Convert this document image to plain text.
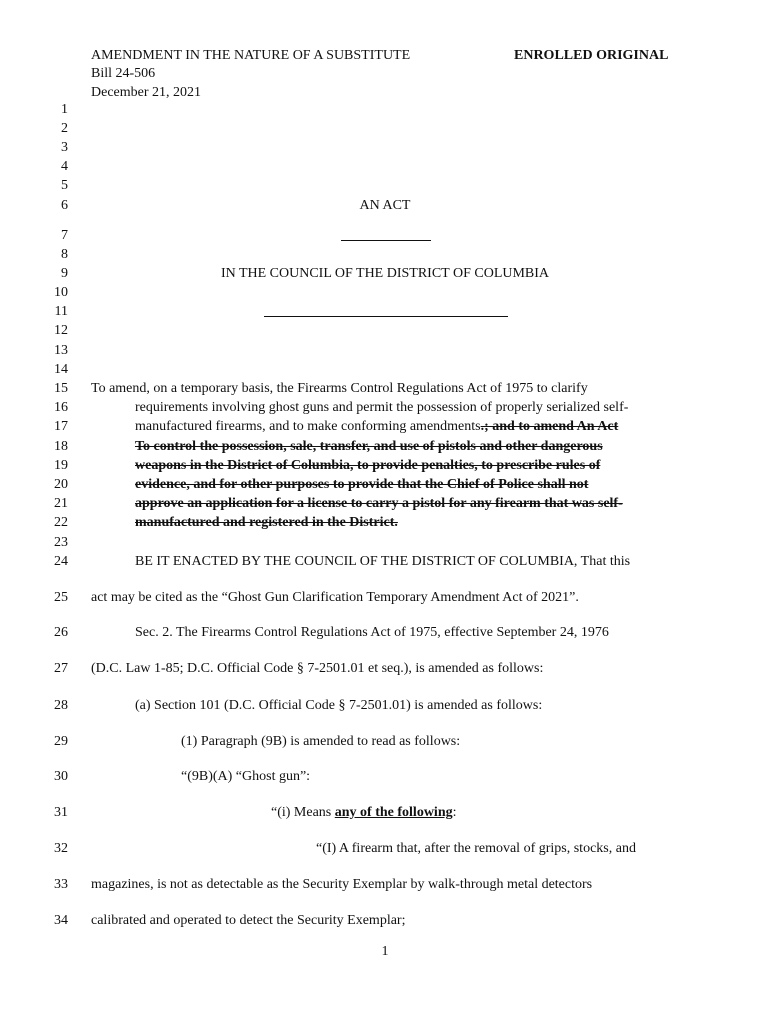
AMENDMENT IN THE NATURE OF A SUBSTITUTE	ENROLLED ORIGINAL
Bill 24-506
December 21, 2021
1
2
3
4
5
6
7
8
9
10
11
12
13
14
15
16
17
18
19
20
21
22
23
24
25
26
27
28
29
30
31
32
33
34
AN ACT
IN THE COUNCIL OF THE DISTRICT OF COLUMBIA
To amend, on a temporary basis, the Firearms Control Regulations Act of 1975 to clarify
requirements involving ghost guns and permit the possession of properly serialized self-
manufactured firearms, and to make conforming amendments.; and to amend An Act
To control the possession, sale, transfer, and use of pistols and other dangerous
weapons in the District of Columbia, to provide penalties, to prescribe rules of
evidence, and for other purposes to provide that the Chief of Police shall not
approve an application for a license to carry a pistol for any firearm that was self-
manufactured and registered in the District.
BE IT ENACTED BY THE COUNCIL OF THE DISTRICT OF COLUMBIA, That this
act may be cited as the “Ghost Gun Clarification Temporary Amendment Act of 2021”.
Sec. 2. The Firearms Control Regulations Act of 1975, effective September 24, 1976
(D.C. Law 1-85; D.C. Official Code § 7-2501.01 et seq.), is amended as follows:
(a) Section 101 (D.C. Official Code § 7-2501.01) is amended as follows:
(1) Paragraph (9B) is amended to read as follows:
“(9B)(A) “Ghost gun”:
“(i) Means any of the following:
“(I) A firearm that, after the removal of grips, stocks, and
magazines, is not as detectable as the Security Exemplar by walk-through metal detectors
calibrated and operated to detect the Security Exemplar;
1
